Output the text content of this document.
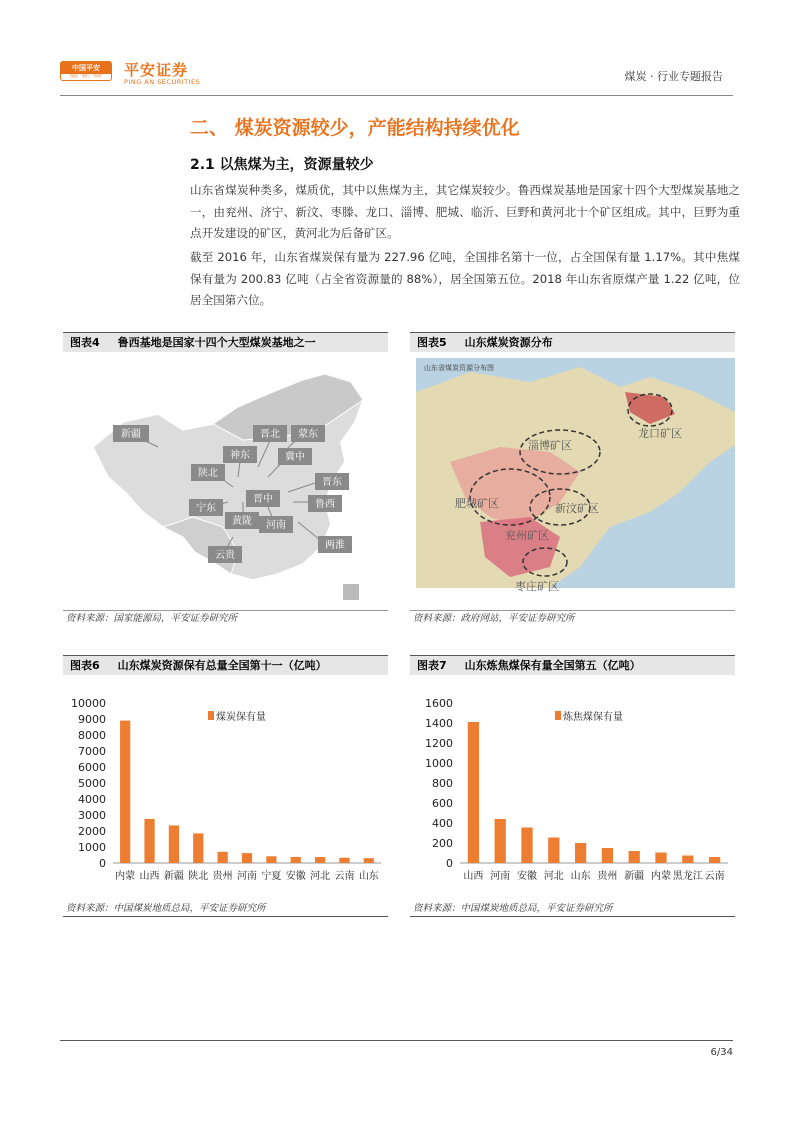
中国平安
保险 · 银行 · 投资	平安证券
PING AN SECURITIES	煤炭 · 行业专题报告
二、 煤炭资源较少，产能结构持续优化
2.1 以焦煤为主，资源量较少
山东省煤炭种类多，煤质优，其中以焦煤为主，其它煤炭较少。鲁西煤炭基地是国家十四个大型煤炭基地之一，由兖州、济宁、新汶、枣滕、龙口、淄博、肥城、临沂、巨野和黄河北十个矿区组成。其中，巨野为重点开发建设的矿区，黄河北为后备矿区。
截至 2016 年，山东省煤炭保有量为 227.96 亿吨，全国排名第十一位，占全国保有量 1.17%。其中焦煤保有量为 200.83 亿吨（占全省资源量的 88%），居全国第五位。2018 年山东省原煤产量 1.22 亿吨，位居全国第六位。
图表4 鲁西基地是国家十四个大型煤炭基地之一
新疆	晋北 蒙东
神东	冀中
陕北
晋东
宁东
晋中	鲁西
黄陇 河南
云贵
两淮
资料来源：国家能源局，平安证券研究所
图表5 山东煤炭资源分布
山东省煤炭资源分布图
淄博矿区
龙口矿区
肥城矿区	新汶矿区
兖州矿区
枣庄矿区
资料来源：政府网站，平安证券研究所
图表6 山东煤炭资源保有总量全国第十一（亿吨）
0
1000
2000
3000
4000
5000
6000
7000
8000
9000
10000
煤炭保有量
内蒙 山西 新疆 陕北 贵州 河南 宁夏 安徽 河北 云南 山东
资料来源：中国煤炭地质总局，平安证券研究所
图表7 山东炼焦煤保有量全国第五（亿吨）
0
200
400
600
800
1000
1200
1400
1600
炼焦煤保有量
山西 河南 安徽 河北 山东 贵州 新疆 内蒙 黑龙江 云南
资料来源：中国煤炭地质总局，平安证券研究所
6/34
